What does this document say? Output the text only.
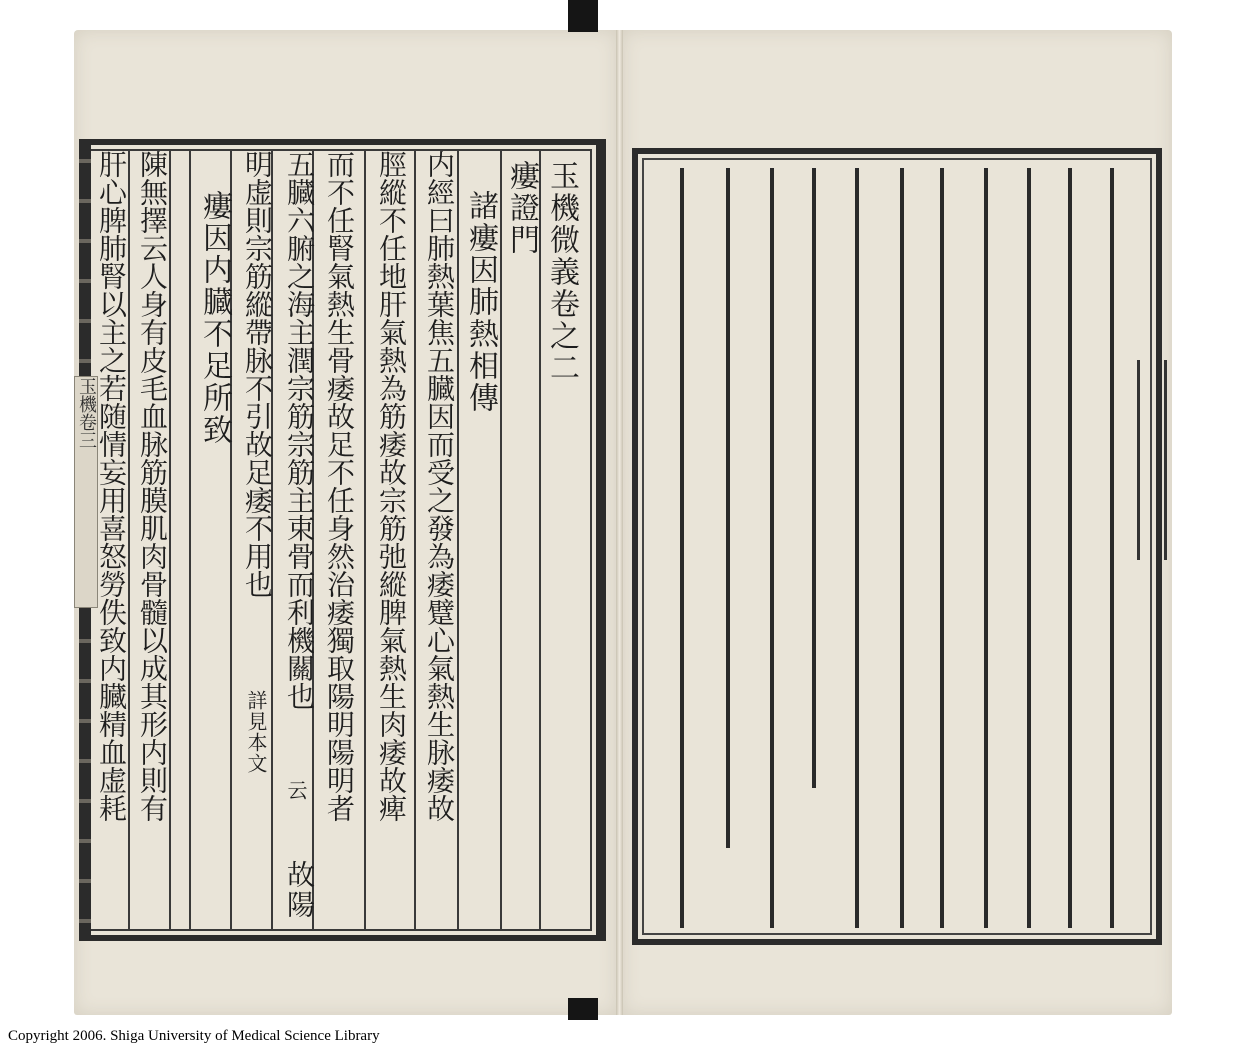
玉機卷三
玉機微義卷之二
瘻證門
諸瘻因肺熱相傳
内經曰肺熱葉焦五臓因而受之發為痿躄心氣熱生脉痿故
脛縱不任地肝氣熱為筋痿故宗筋弛縱脾氣熱生肉痿故痺
而不任腎氣熱生骨痿故足不任身然治痿獨取陽明陽明者
五臓六腑之海主潤宗筋宗筋主束骨而利機關也
云
故陽
明虚則宗筋縱帶脉不引故足痿不用也
詳見本文
瘻因内臓不足所致
陳無擇云人身有皮毛血脉筋膜肌肉骨髓以成其形内則有
肝心脾肺腎以主之若随情妄用喜怒勞佚致内臓精血虚耗
Copyright 2006. Shiga University of Medical Science Library
